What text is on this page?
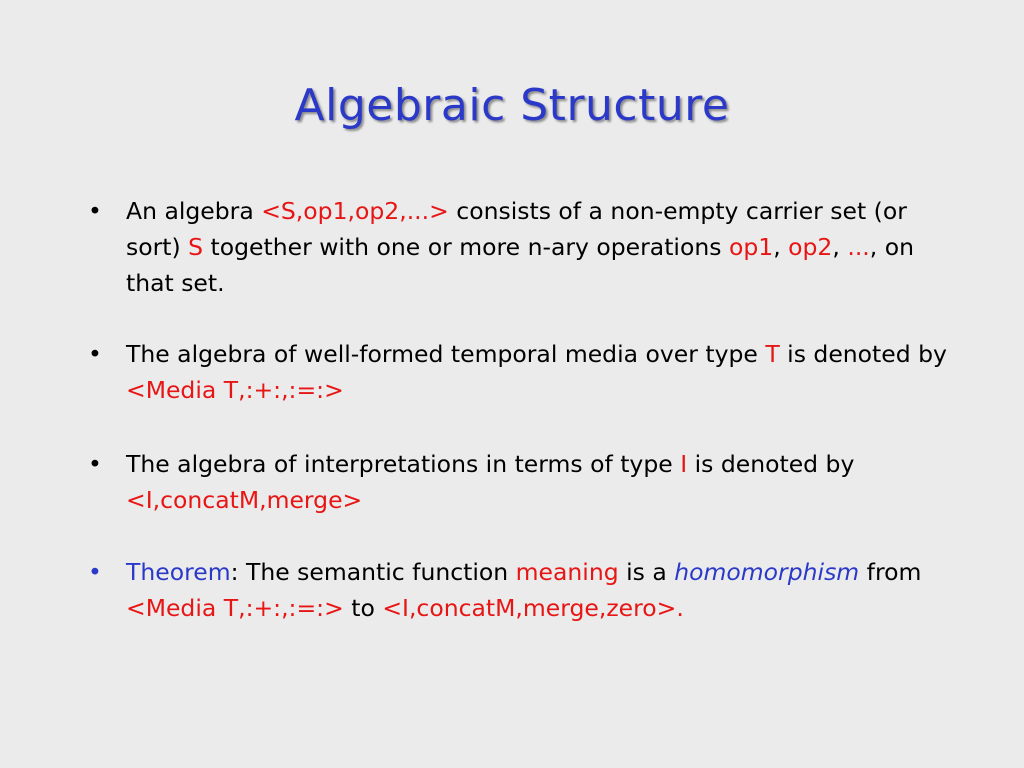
Algebraic Structure
• An algebra <S,op1,op2,...> consists of a non-empty carrier set (or sort) S together with one or more n-ary operations op1, op2, ..., on that set.
• The algebra of well-formed temporal media over type T is denoted by <Media T,:+:,:=:>
• The algebra of interpretations in terms of type I is denoted by <I,concatM,merge>
• Theorem: The semantic function meaning is a homomorphism from <Media T,:+:,:=:> to <I,concatM,merge,zero>.
